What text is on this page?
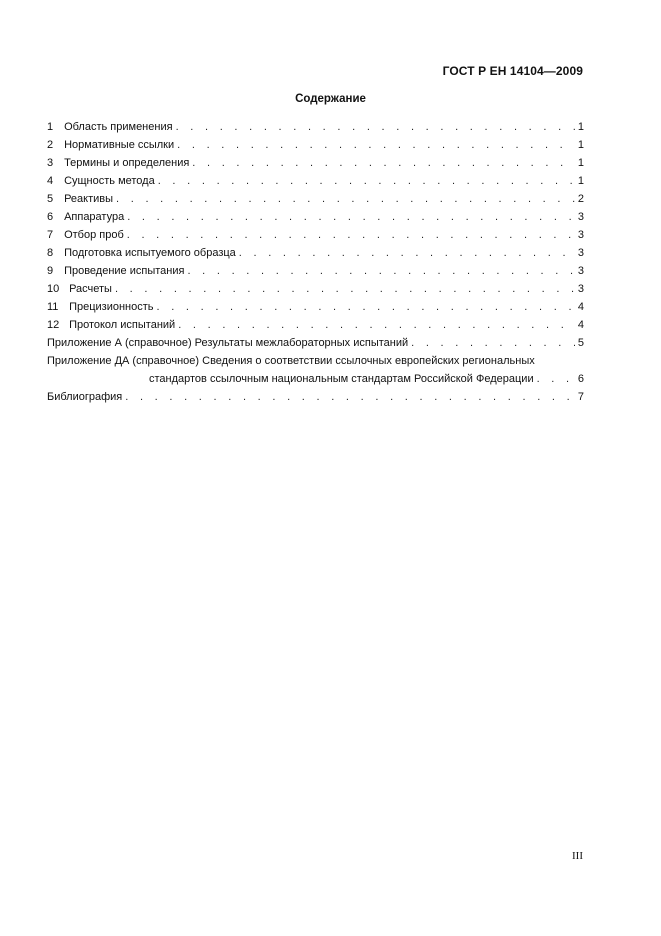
ГОСТ Р ЕН 14104—2009
Содержание
1 Область применения . . .	1
2 Нормативные ссылки . . .	1
3 Термины и определения . . .	1
4 Сущность метода . . .	1
5 Реактивы . . .	2
6 Аппаратура . . .	3
7 Отбор проб . . .	3
8 Подготовка испытуемого образца . . .	3
9 Проведение испытания . . .	3
10 Расчеты . . .	3
11 Прецизионность . . .	4
12 Протокол испытаний . . .	4
Приложение А (справочное) Результаты межлабораторных испытаний . . .	5
Приложение ДА (справочное) Сведения о соответствии ссылочных европейских региональных
стандартов ссылочным национальным стандартам Российской Федерации . . .	6
Библиография . . .	7
III
